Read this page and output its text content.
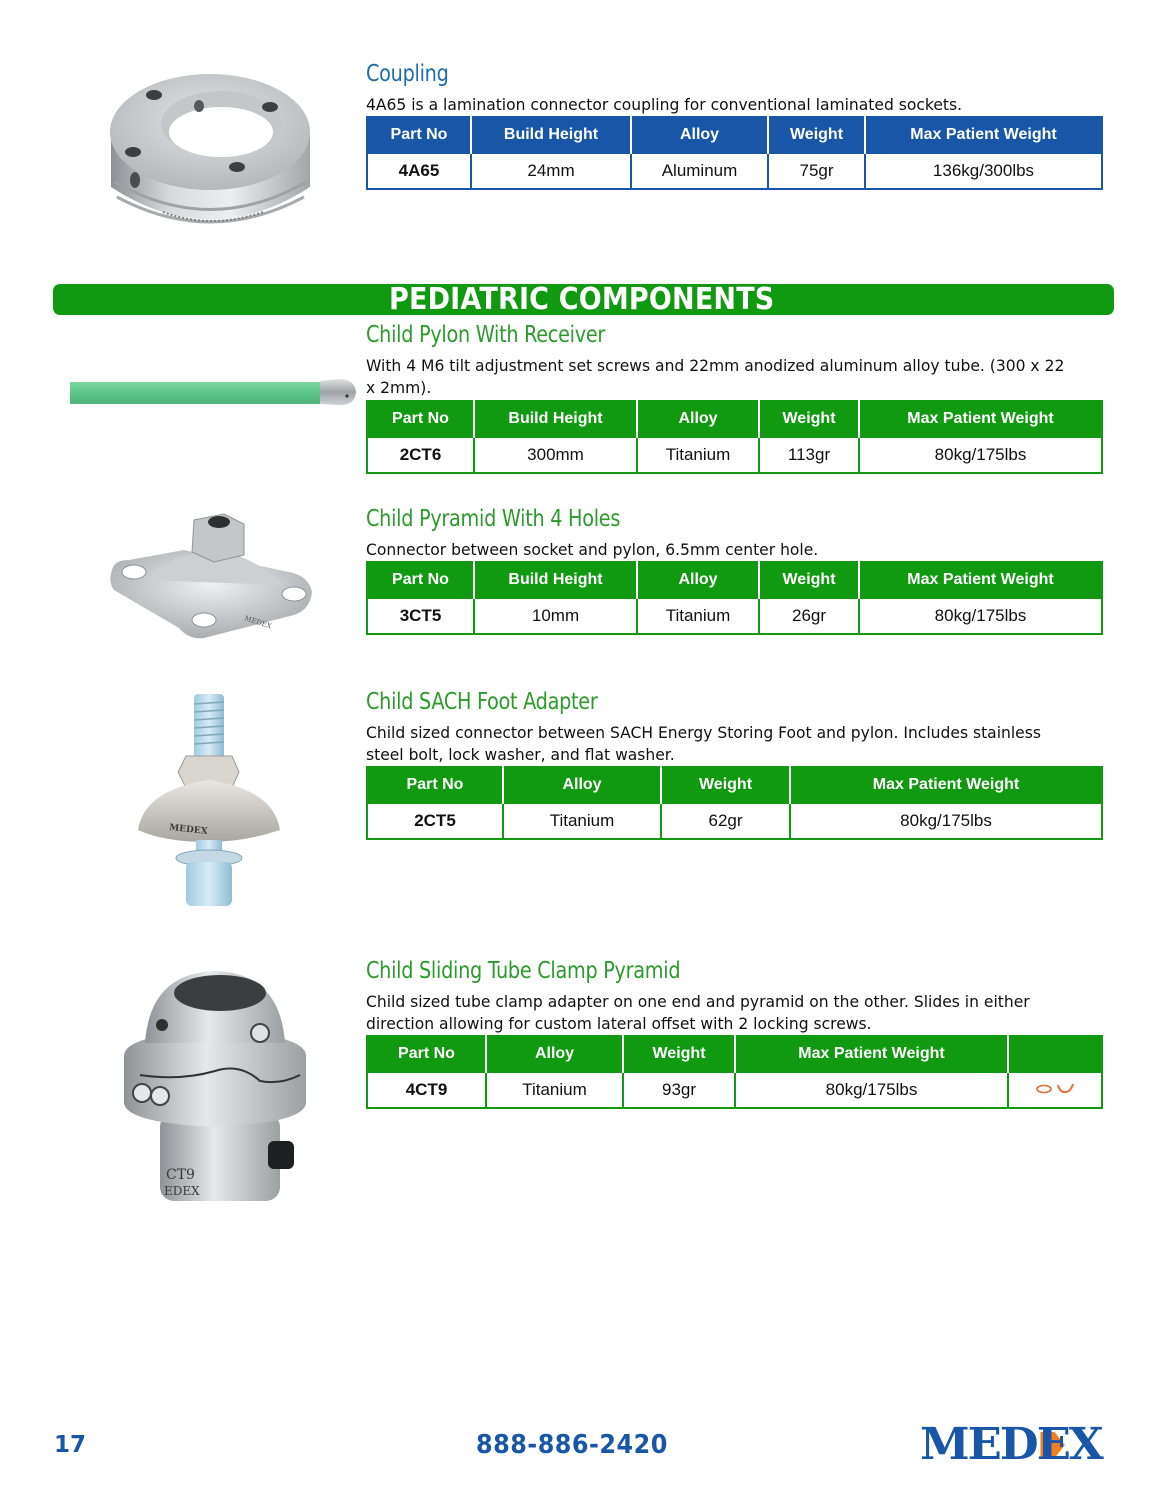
Coupling
4A65 is a lamination connector coupling for conventional laminated sockets.
Part No	Build Height	Alloy	Weight	Max Patient Weight
4A65	24mm	Aluminum	75gr	136kg/300lbs
PEDIATRIC COMPONENTS
Child Pylon With Receiver
With 4 M6 tilt adjustment set screws and 22mm anodized aluminum alloy tube. (300 x 22 x 2mm).
Part No	Build Height	Alloy	Weight	Max Patient Weight
2CT6	300mm	Titanium	113gr	80kg/175lbs
MEDEX
Child Pyramid With 4 Holes
Connector between socket and pylon, 6.5mm center hole.
Part No	Build Height	Alloy	Weight	Max Patient Weight
3CT5	10mm	Titanium	26gr	80kg/175lbs
MEDEX
Child SACH Foot Adapter
Child sized connector between SACH Energy Storing Foot and pylon. Includes stainless steel bolt, lock washer, and flat washer.
Part No	Alloy	Weight	Max Patient Weight
2CT5	Titanium	62gr	80kg/175lbs
CT9
EDEX
Child Sliding Tube Clamp Pyramid
Child sized tube clamp adapter on one end and pyramid on the other. Slides in either direction allowing for custom lateral offset with 2 locking screws.
Part No	Alloy	Weight	Max Patient Weight	
4CT9	Titanium	93gr	80kg/175lbs	
17	888-886-2420	MED
EX
